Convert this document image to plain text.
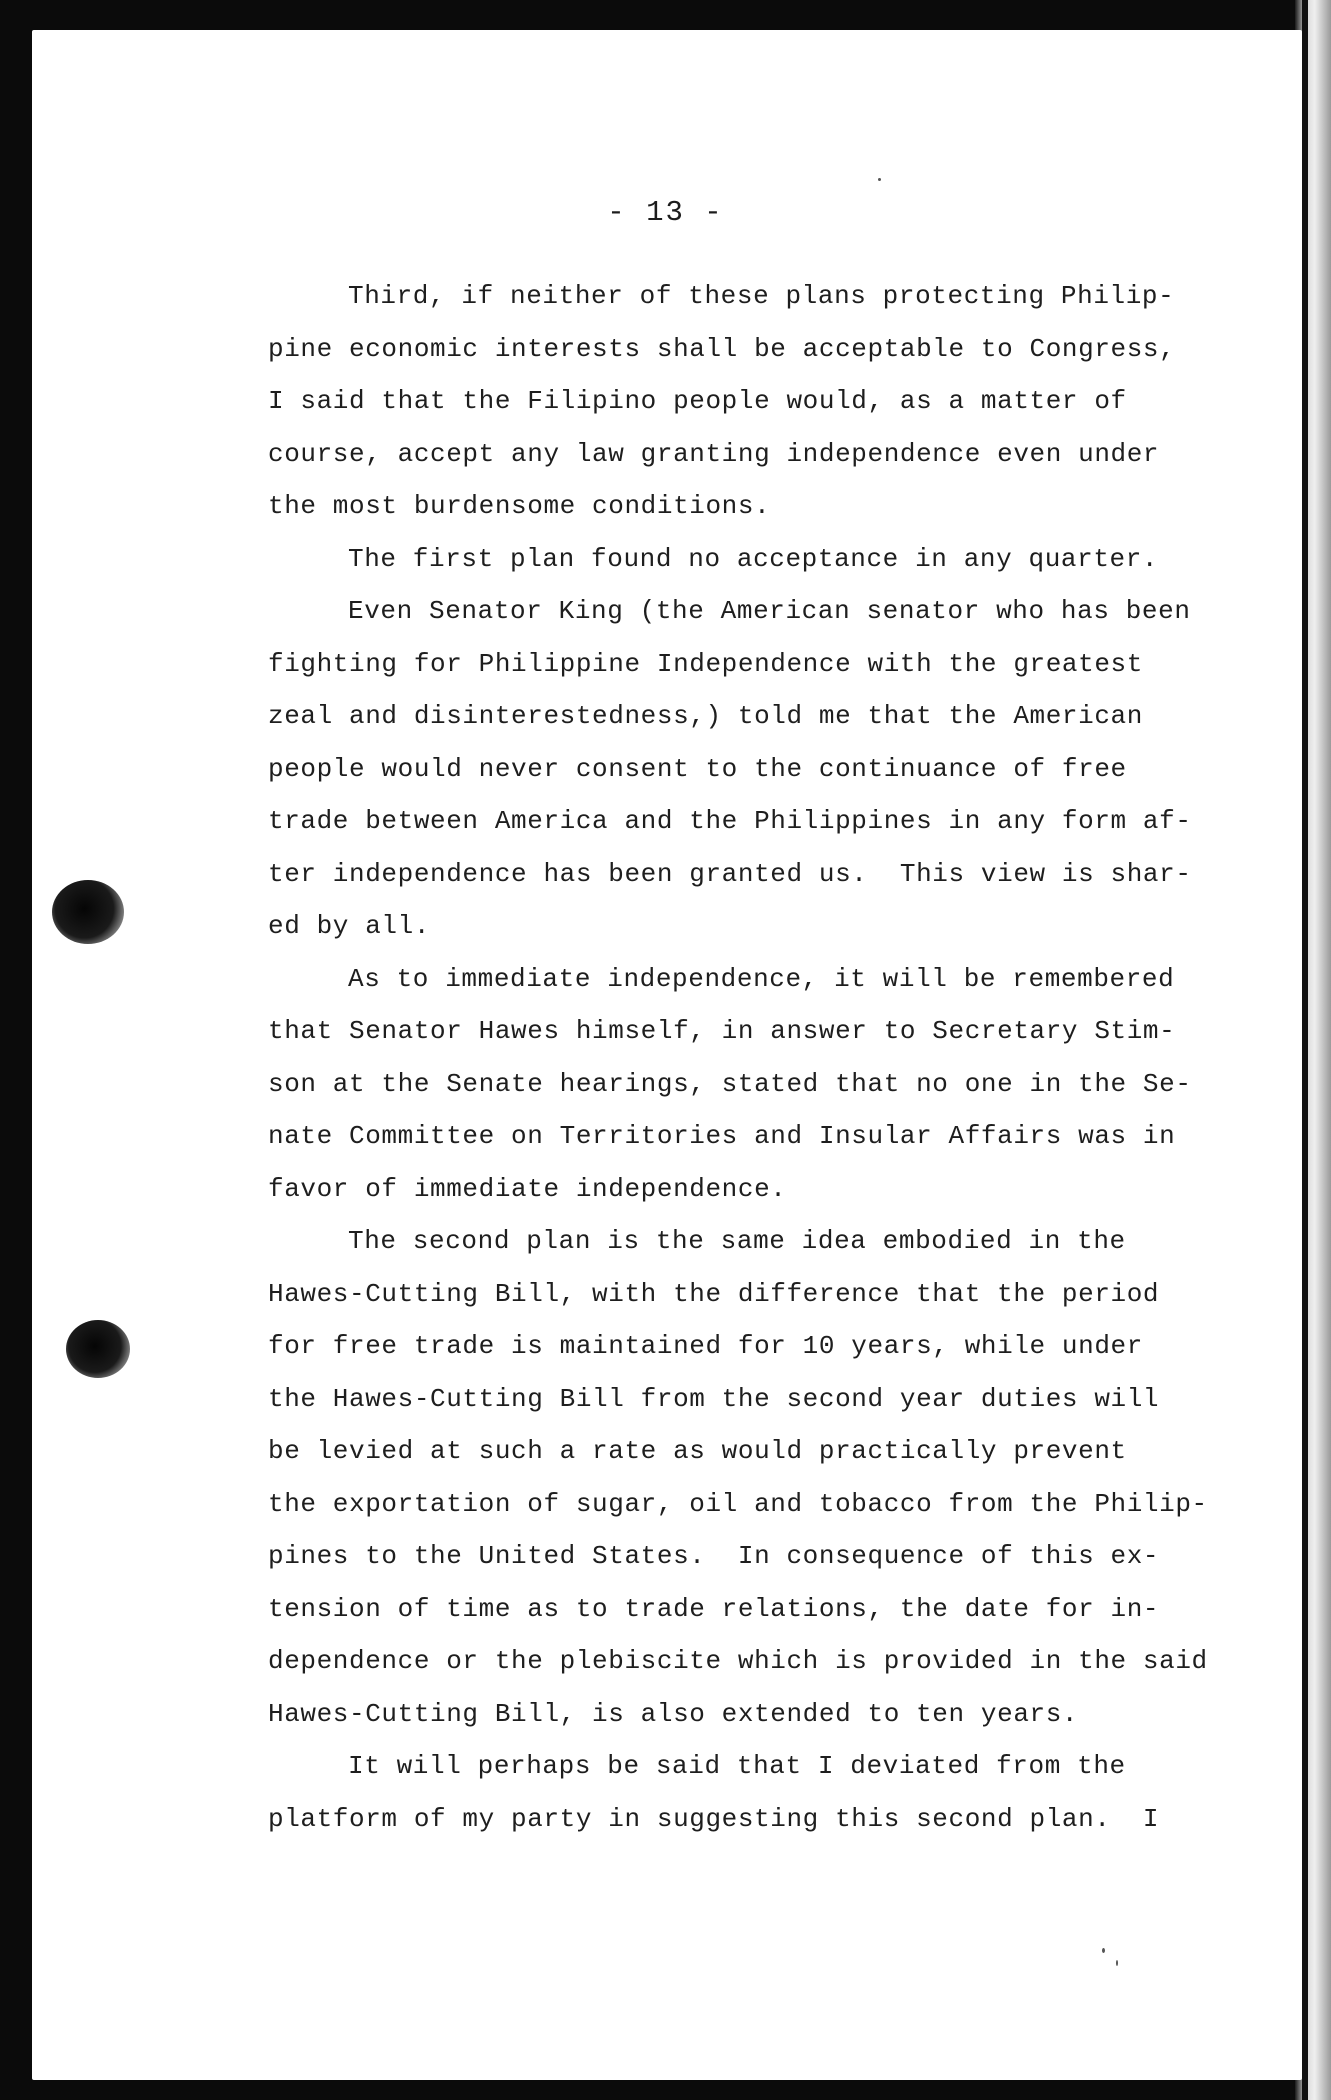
- 13 -
Third, if neither of these plans protecting Philip-
pine economic interests shall be acceptable to Congress,
I said that the Filipino people would, as a matter of
course, accept any law granting independence even under
the most burdensome conditions.
The first plan found no acceptance in any quarter.
Even Senator King (the American senator who has been
fighting for Philippine Independence with the greatest
zeal and disinterestedness,) told me that the American
people would never consent to the continuance of free
trade between America and the Philippines in any form af-
ter independence has been granted us.  This view is shar-
ed by all.
As to immediate independence, it will be remembered
that Senator Hawes himself, in answer to Secretary Stim-
son at the Senate hearings, stated that no one in the Se-
nate Committee on Territories and Insular Affairs was in
favor of immediate independence.
The second plan is the same idea embodied in the
Hawes-Cutting Bill, with the difference that the period
for free trade is maintained for 10 years, while under
the Hawes-Cutting Bill from the second year duties will
be levied at such a rate as would practically prevent
the exportation of sugar, oil and tobacco from the Philip-
pines to the United States.  In consequence of this ex-
tension of time as to trade relations, the date for in-
dependence or the plebiscite which is provided in the said
Hawes-Cutting Bill, is also extended to ten years.
It will perhaps be said that I deviated from the
platform of my party in suggesting this second plan.  I
